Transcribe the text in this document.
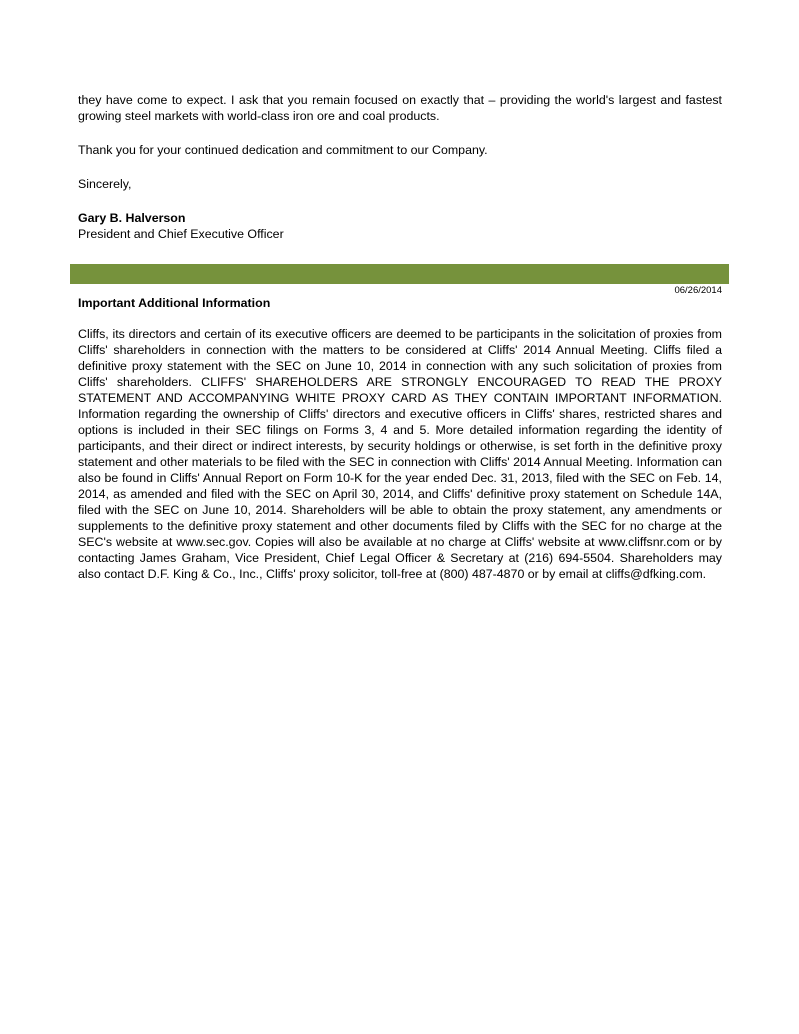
they have come to expect. I ask that you remain focused on exactly that – providing the world's largest and fastest growing steel markets with world-class iron ore and coal products.

Thank you for your continued dedication and commitment to our Company.

Sincerely,

Gary B. Halverson

President and Chief Executive Officer

06/26/2014

Important Additional Information

Cliffs, its directors and certain of its executive officers are deemed to be participants in the solicitation of proxies from Cliffs' shareholders in connection with the matters to be considered at Cliffs' 2014 Annual Meeting. Cliffs filed a definitive proxy statement with the SEC on June 10, 2014 in connection with any such solicitation of proxies from Cliffs' shareholders. CLIFFS' SHAREHOLDERS ARE STRONGLY ENCOURAGED TO READ THE PROXY STATEMENT AND ACCOMPANYING WHITE PROXY CARD AS THEY CONTAIN IMPORTANT INFORMATION. Information regarding the ownership of Cliffs' directors and executive officers in Cliffs' shares, restricted shares and options is included in their SEC filings on Forms 3, 4 and 5. More detailed information regarding the identity of participants, and their direct or indirect interests, by security holdings or otherwise, is set forth in the definitive proxy statement and other materials to be filed with the SEC in connection with Cliffs' 2014 Annual Meeting. Information can also be found in Cliffs' Annual Report on Form 10-K for the year ended Dec. 31, 2013, filed with the SEC on Feb. 14, 2014, as amended and filed with the SEC on April 30, 2014, and Cliffs' definitive proxy statement on Schedule 14A, filed with the SEC on June 10, 2014. Shareholders will be able to obtain the proxy statement, any amendments or supplements to the definitive proxy statement and other documents filed by Cliffs with the SEC for no charge at the SEC's website at www.sec.gov. Copies will also be available at no charge at Cliffs' website at www.cliffsnr.com or by contacting James Graham, Vice President, Chief Legal Officer & Secretary at (216) 694-5504. Shareholders may also contact D.F. King & Co., Inc., Cliffs' proxy solicitor, toll-free at (800) 487-4870 or by email at cliffs@dfking.com.
